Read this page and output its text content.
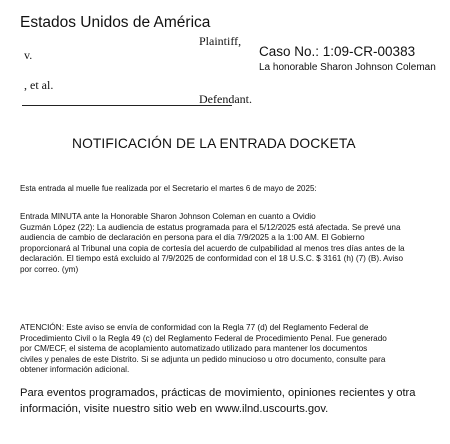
Estados Unidos de América
Plaintiff,
v.
, et al.
Defendant.
Caso No.: 1:09-CR-00383
La honorable Sharon Johnson Coleman
NOTIFICACIÓN DE LA ENTRADA DOCKETA
Esta entrada al muelle fue realizada por el Secretario el martes 6 de mayo de 2025:
Entrada MINUTA ante la Honorable Sharon Johnson Coleman en cuanto a Ovidio
Guzmán López (22): La audiencia de estatus programada para el 5/12/2025 está afectada. Se prevé una
audiencia de cambio de declaración en persona para el día 7/9/2025 a la 1:00 AM. El Gobierno
proporcionará al Tribunal una copia de cortesía del acuerdo de culpabilidad al menos tres días antes de la
declaración. El tiempo está excluido al 7/9/2025 de conformidad con el 18 U.S.C. $ 3161 (h) (7) (B). Aviso
por correo. (ym)
ATENCIÓN: Este aviso se envía de conformidad con la Regla 77 (d) del Reglamento Federal de
Procedimiento Civil o la Regla 49 (c) del Reglamento Federal de Procedimiento Penal. Fue generado
por CM/ECF, el sistema de acoplamiento automatizado utilizado para mantener los documentos
civiles y penales de este Distrito. Si se adjunta un pedido minucioso u otro documento, consulte para
obtener información adicional.
Para eventos programados, prácticas de movimiento, opiniones recientes y otra
información, visite nuestro sitio web en www.ilnd.uscourts.gov.
